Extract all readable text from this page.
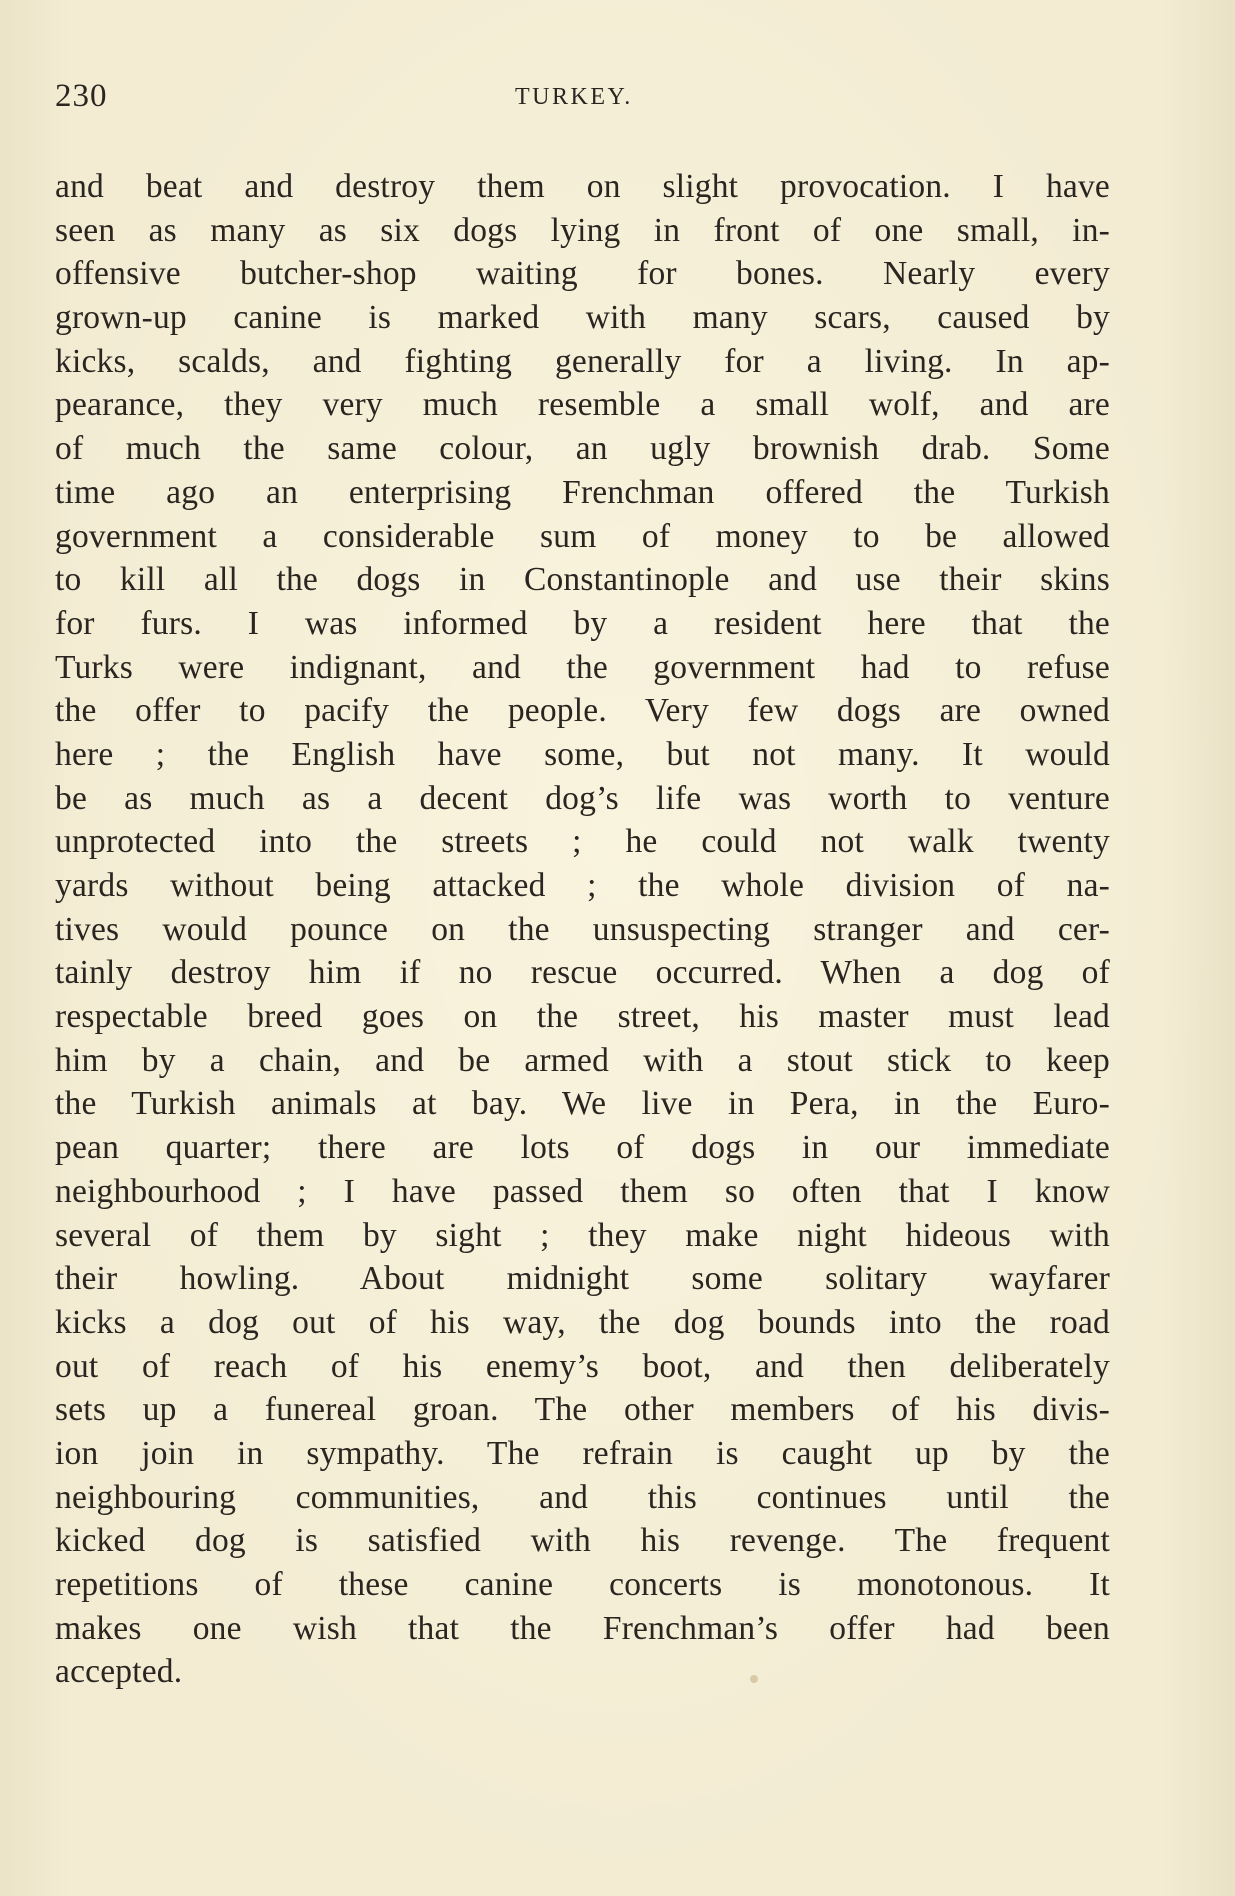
230	TURKEY.
and beat and destroy them on slight provocation. I have
seen as many as six dogs lying in front of one small, in-
offensive butcher-shop waiting for bones. Nearly every
grown-up canine is marked with many scars, caused by
kicks, scalds, and fighting generally for a living. In ap-
pearance, they very much resemble a small wolf, and are
of much the same colour, an ugly brownish drab. Some
time ago an enterprising Frenchman offered the Turkish
government a considerable sum of money to be allowed
to kill all the dogs in Constantinople and use their skins
for furs. I was informed by a resident here that the
Turks were indignant, and the government had to refuse
the offer to pacify the people. Very few dogs are owned
here ; the English have some, but not many. It would
be as much as a decent dog’s life was worth to venture
unprotected into the streets ; he could not walk twenty
yards without being attacked ; the whole division of na-
tives would pounce on the unsuspecting stranger and cer-
tainly destroy him if no rescue occurred. When a dog of
respectable breed goes on the street, his master must lead
him by a chain, and be armed with a stout stick to keep
the Turkish animals at bay. We live in Pera, in the Euro-
pean quarter; there are lots of dogs in our immediate
neighbourhood ; I have passed them so often that I know
several of them by sight ; they make night hideous with
their howling. About midnight some solitary wayfarer
kicks a dog out of his way, the dog bounds into the road
out of reach of his enemy’s boot, and then deliberately
sets up a funereal groan. The other members of his divis-
ion join in sympathy. The refrain is caught up by the
neighbouring communities, and this continues until the
kicked dog is satisfied with his revenge. The frequent
repetitions of these canine concerts is monotonous. It
makes one wish that the Frenchman’s offer had been
accepted.
